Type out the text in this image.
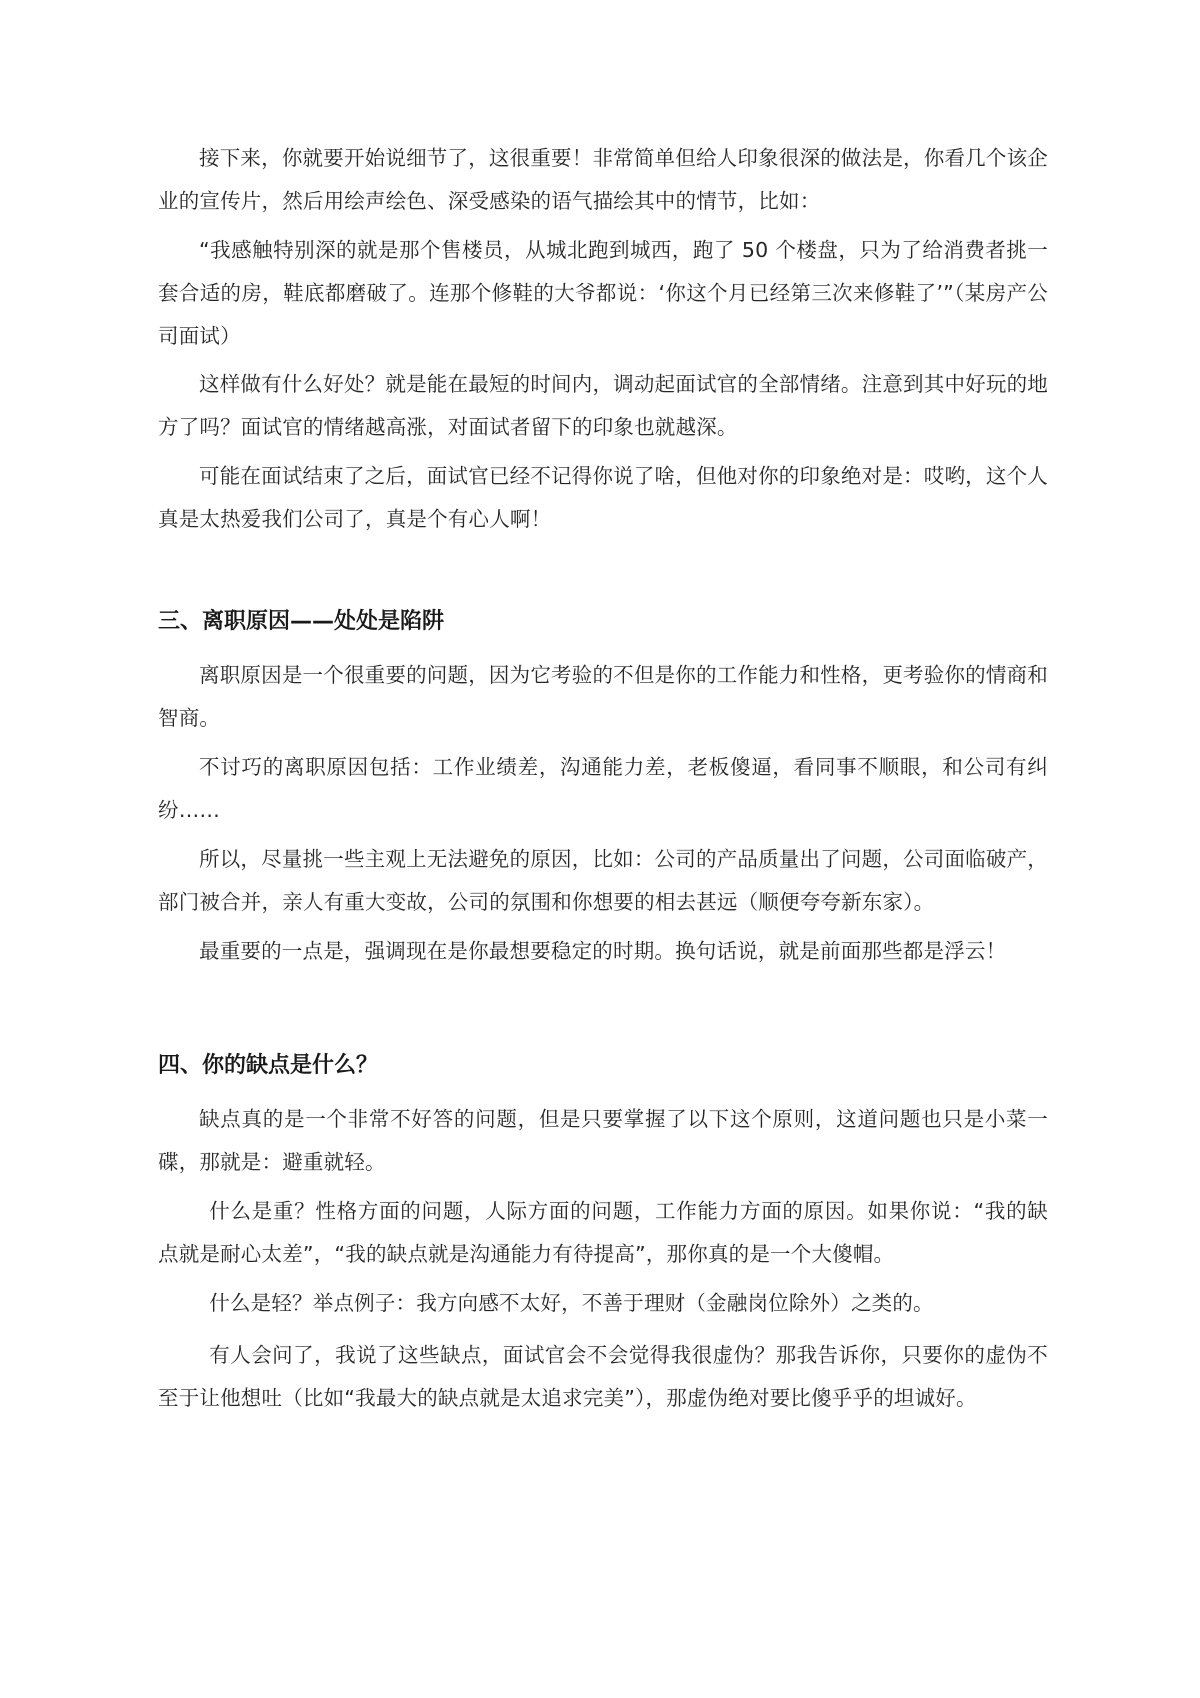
接下来，你就要开始说细节了，这很重要！非常简单但给人印象很深的做法是，你看几个该企业的宣传片，然后用绘声绘色、深受感染的语气描绘其中的情节，比如：

“我感触特别深的就是那个售楼员，从城北跑到城西，跑了 50 个楼盘，只为了给消费者挑一套合适的房，鞋底都磨破了。连那个修鞋的大爷都说：‘你这个月已经第三次来修鞋了’”（某房产公司面试）

这样做有什么好处？就是能在最短的时间内，调动起面试官的全部情绪。注意到其中好玩的地方了吗？面试官的情绪越高涨，对面试者留下的印象也就越深。

可能在面试结束了之后，面试官已经不记得你说了啥，但他对你的印象绝对是：哎哟，这个人真是太热爱我们公司了，真是个有心人啊！

三、离职原因——处处是陷阱

离职原因是一个很重要的问题，因为它考验的不但是你的工作能力和性格，更考验你的情商和智商。

不讨巧的离职原因包括：工作业绩差，沟通能力差，老板傻逼，看同事不顺眼，和公司有纠纷……

所以，尽量挑一些主观上无法避免的原因，比如：公司的产品质量出了问题，公司面临破产，部门被合并，亲人有重大变故，公司的氛围和你想要的相去甚远（顺便夸夸新东家）。

最重要的一点是，强调现在是你最想要稳定的时期。换句话说，就是前面那些都是浮云！

四、你的缺点是什么？

缺点真的是一个非常不好答的问题，但是只要掌握了以下这个原则，这道问题也只是小菜一碟，那就是：避重就轻。

什么是重？性格方面的问题，人际方面的问题，工作能力方面的原因。如果你说：“我的缺点就是耐心太差”，“我的缺点就是沟通能力有待提高”，那你真的是一个大傻帽。

什么是轻？举点例子：我方向感不太好，不善于理财（金融岗位除外）之类的。

有人会问了，我说了这些缺点，面试官会不会觉得我很虚伪？那我告诉你，只要你的虚伪不至于让他想吐（比如“我最大的缺点就是太追求完美”），那虚伪绝对要比傻乎乎的坦诚好。
